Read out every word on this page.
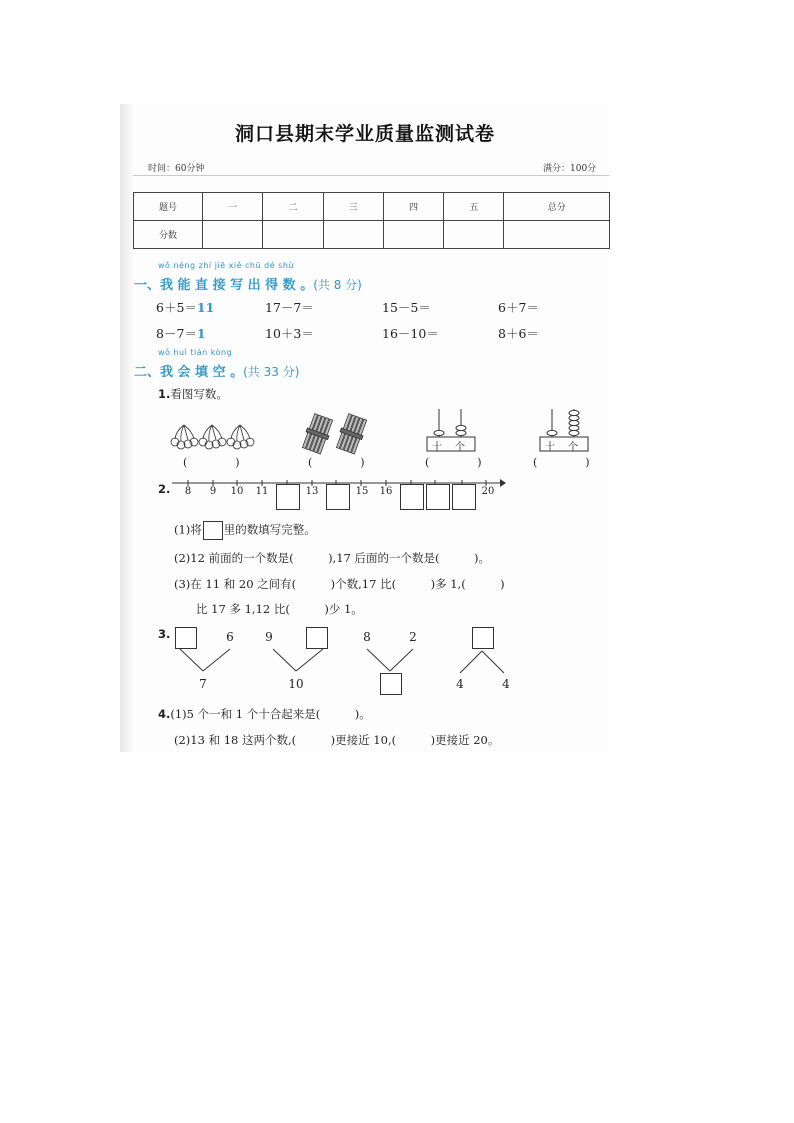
洞口县期末学业质量监测试卷
时间：60分钟	满分：100分
题号	一	二	三	四	五	总分
分数						
wǒ néng zhí jiē xiě chū dé shù
一、我 能 直 接 写 出 得 数 。(共 8 分)
6＋5＝11	17－7＝	15－5＝	6＋7＝
8－7＝1	10＋3＝	16－10＝	8＋6＝
wǒ huì tián kòng
二、我 会 填 空 。(共 33 分)
1.看图写数。
(	)	(	)
十 个
(	)
十 个
(	)
2.	8	9	10	11	13	15	16	20
(1)将 里的数填写完整。
(2)12 前面的一个数是(　　　),17 后面的一个数是(　　　)。
(3)在 11 和 20 之间有(　　　)个数,17 比(　　　)多 1,(　　　)
比 17 多 1,12 比(　　　)少 1。
3.	6
7
9
10
8	2
4	4
4.(1)5 个一和 1 个十合起来是(　　　)。
(2)13 和 18 这两个数,(　　　)更接近 10,(　　　)更接近 20。
